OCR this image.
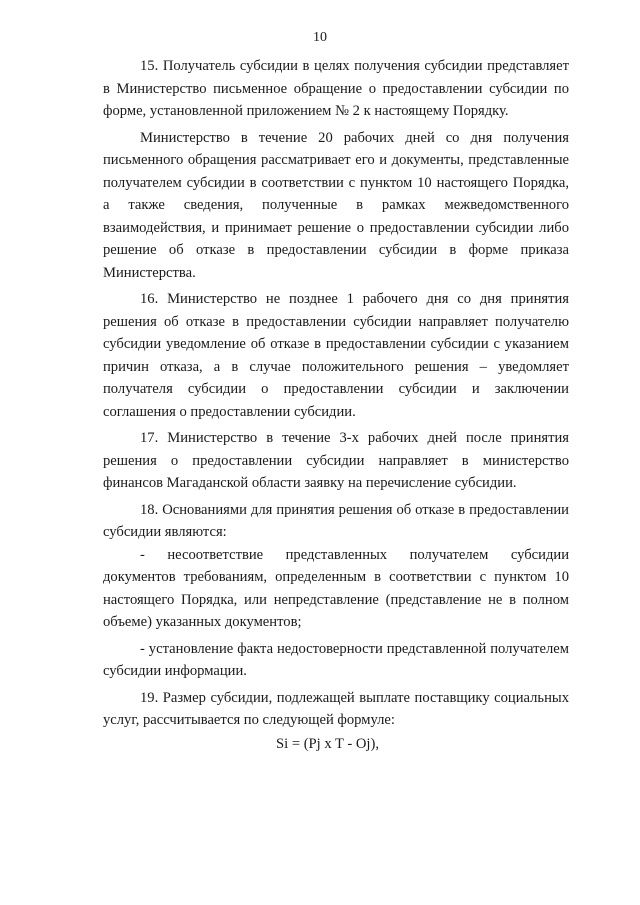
10

15. Получатель субсидии в целях получения субсидии представляет в Министерство письменное обращение о предоставлении субсидии по форме, установленной приложением № 2 к настоящему Порядку.

Министерство в течение 20 рабочих дней со дня получения письменного обращения рассматривает его и документы, представленные получателем субсидии в соответствии с пунктом 10 настоящего Порядка, а также сведения, полученные в рамках межведомственного взаимодействия, и принимает решение о предоставлении субсидии либо решение об отказе в предоставлении субсидии в форме приказа Министерства.

16. Министерство не позднее 1 рабочего дня со дня принятия решения об отказе в предоставлении субсидии направляет получателю субсидии уведомление об отказе в предоставлении субсидии с указанием причин отказа, а в случае положительного решения – уведомляет получателя субсидии о предоставлении субсидии и заключении соглашения о предоставлении субсидии.

17. Министерство в течение 3-х рабочих дней после принятия решения о предоставлении субсидии направляет в министерство финансов Магаданской области заявку на перечисление субсидии.

18. Основаниями для принятия решения об отказе в предоставлении субсидии являются:

- несоответствие представленных получателем субсидии документов требованиям, определенным в соответствии с пунктом 10 настоящего Порядка, или непредставление (представление не в полном объеме) указанных документов;

- установление факта недостоверности представленной получателем субсидии информации.

19. Размер субсидии, подлежащей выплате поставщику социальных услуг, рассчитывается по следующей формуле:

Si = (Pj x T - Oj),
